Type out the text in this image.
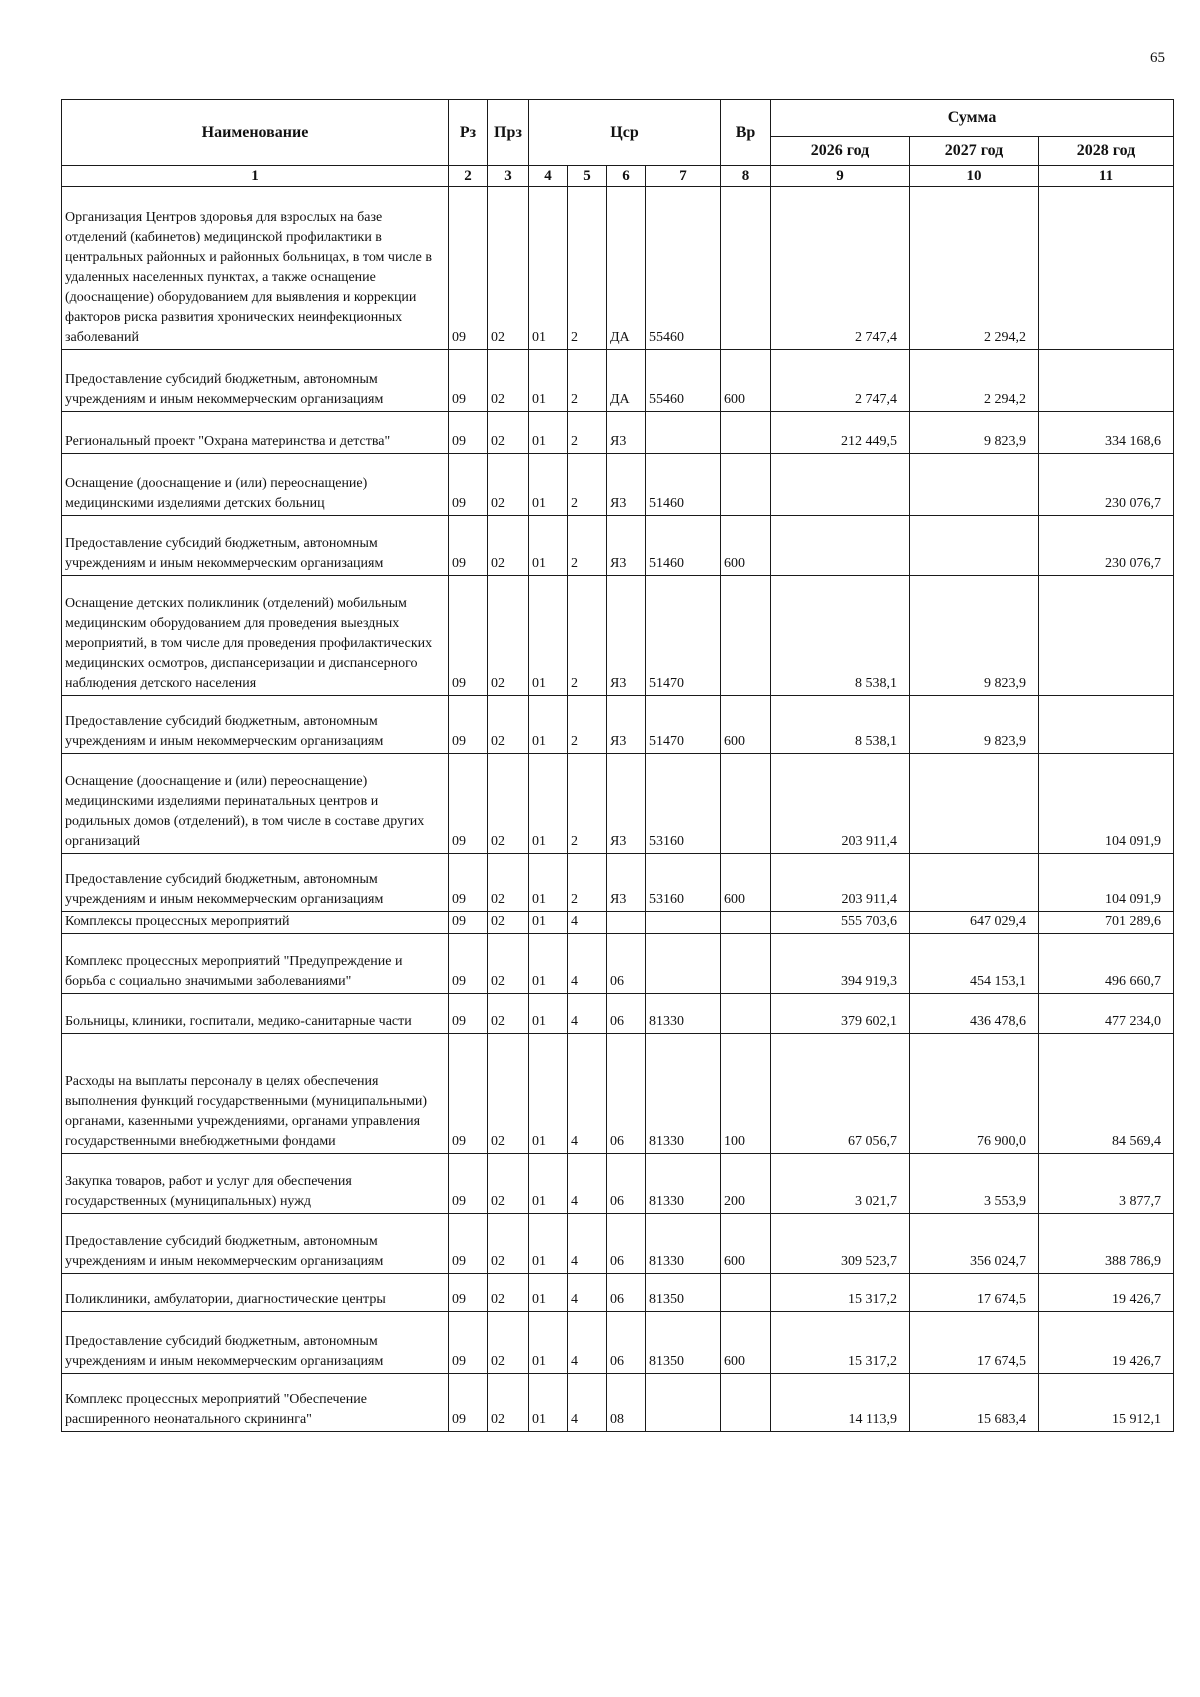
65
Наименование	Рз	Прз	Цср				Вр	Сумма		
								2026 год	2027 год	2028 год
1	2	3	4	5	6	7	8	9	10	11
Организация Центров здоровья для взрослых на базе отделений (кабинетов) медицинской профилактики в центральных районных и районных больницах, в том числе в удаленных населенных пунктах, а также оснащение (дооснащение) оборудованием для выявления и коррекции факторов риска развития хронических неинфекционных заболеваний	09	02	01	2	ДА	55460		2 747,4	2 294,2	
Предоставление субсидий бюджетным, автономным учреждениям и иным некоммерческим организациям	09	02	01	2	ДА	55460	600	2 747,4	2 294,2	
Региональный проект "Охрана материнства и детства"	09	02	01	2	Я3			212 449,5	9 823,9	334 168,6
Оснащение (дооснащение и (или) переоснащение) медицинскими изделиями детских больниц	09	02	01	2	Я3	51460				230 076,7
Предоставление субсидий бюджетным, автономным учреждениям и иным некоммерческим организациям	09	02	01	2	Я3	51460	600			230 076,7
Оснащение детских поликлиник (отделений) мобильным медицинским оборудованием для проведения выездных мероприятий, в том числе для проведения профилактических медицинских осмотров, диспансеризации и диспансерного наблюдения детского населения	09	02	01	2	Я3	51470		8 538,1	9 823,9	
Предоставление субсидий бюджетным, автономным учреждениям и иным некоммерческим организациям	09	02	01	2	Я3	51470	600	8 538,1	9 823,9	
Оснащение (дооснащение и (или) переоснащение) медицинскими изделиями перинатальных центров и родильных домов (отделений), в том числе в составе других организаций	09	02	01	2	Я3	53160		203 911,4		104 091,9
Предоставление субсидий бюджетным, автономным учреждениям и иным некоммерческим организациям	09	02	01	2	Я3	53160	600	203 911,4		104 091,9
Комплексы процессных мероприятий	09	02	01	4				555 703,6	647 029,4	701 289,6
Комплекс процессных мероприятий "Предупреждение и борьба с социально значимыми заболеваниями"	09	02	01	4	06			394 919,3	454 153,1	496 660,7
Больницы, клиники, госпитали, медико-санитарные части	09	02	01	4	06	81330		379 602,1	436 478,6	477 234,0
Расходы на выплаты персоналу в целях обеспечения выполнения функций государственными (муниципальными) органами, казенными учреждениями, органами управления государственными внебюджетными фондами	09	02	01	4	06	81330	100	67 056,7	76 900,0	84 569,4
Закупка товаров, работ и услуг для обеспечения государственных (муниципальных) нужд	09	02	01	4	06	81330	200	3 021,7	3 553,9	3 877,7
Предоставление субсидий бюджетным, автономным учреждениям и иным некоммерческим организациям	09	02	01	4	06	81330	600	309 523,7	356 024,7	388 786,9
Поликлиники, амбулатории, диагностические центры	09	02	01	4	06	81350		15 317,2	17 674,5	19 426,7
Предоставление субсидий бюджетным, автономным учреждениям и иным некоммерческим организациям	09	02	01	4	06	81350	600	15 317,2	17 674,5	19 426,7
Комплекс процессных мероприятий "Обеспечение расширенного неонатального скрининга"	09	02	01	4	08			14 113,9	15 683,4	15 912,1
